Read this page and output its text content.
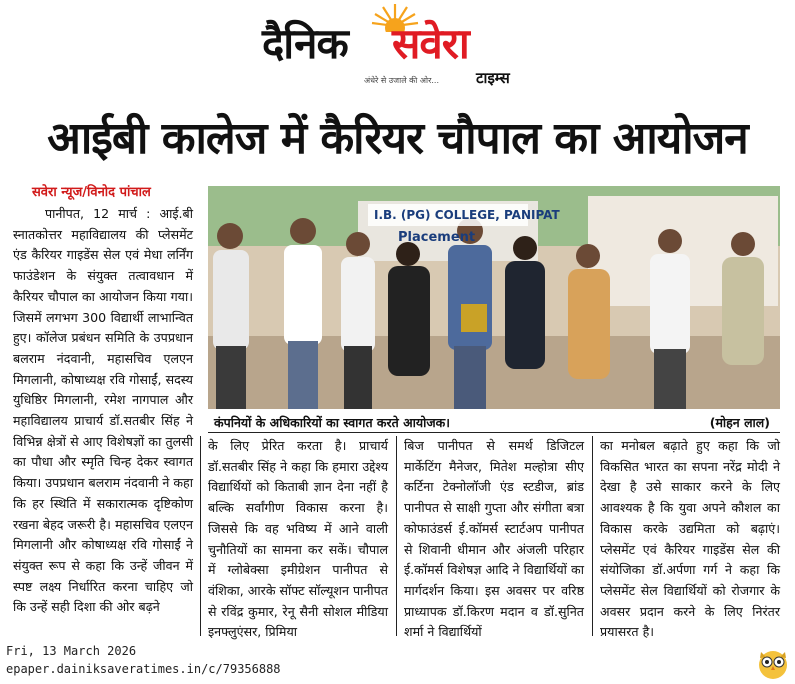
दैनिक सवेरा
अंधेरे से उजाले की ओर... टाइम्स
आईबी कालेज में कैरियर चौपाल का आयोजन
सवेरा न्यूज/विनोद पांचाल

पानीपत, 12 मार्च : आई.बी स्नातकोत्तर महाविद्यालय की प्लेसमेंट एंड कैरियर गाइडेंस सेल एवं मेधा लर्निंग फाउंडेशन के संयुक्त तत्वावधान में कैरियर चौपाल का आयोजन किया गया। जिसमें लगभग 300 विद्यार्थी लाभान्वित हुए। कॉलेज प्रबंधन समिति के उपप्रधान बलराम नंदवानी, महासचिव एलएन मिगलानी, कोषाध्यक्ष रवि गोसाईं, सदस्य युधिष्ठिर मिगलानी, रमेश नागपाल और महाविद्यालय प्राचार्य डॉ.सतबीर सिंह ने विभिन्न क्षेत्रों से आए विशेषज्ञों का तुलसी का पौधा और स्मृति चिन्ह देकर स्वागत किया। उपप्रधान बलराम नंदवानी ने कहा कि हर स्थिति में सकारात्मक दृष्टिकोण रखना बेहद जरूरी है। महासचिव एलएन मिगलानी और कोषाध्यक्ष रवि गोसाईं ने संयुक्त रूप से कहा कि उन्हें जीवन में स्पष्ट लक्ष्य निर्धारित करना चाहिए जो कि उन्हें सही दिशा की ओर बढ़ने

I.B. (PG) COLLEGE, PANIPAT
Placement
कंपनियों के अधिकारियों का स्वागत करते आयोजक।	(मोहन लाल)
के लिए प्रेरित करता है। प्राचार्य डॉ.सतबीर सिंह ने कहा कि हमारा उद्देश्य विद्यार्थियों को किताबी ज्ञान देना नहीं है बल्कि सर्वांगीण विकास करना है। जिससे कि वह भविष्य में आने वाली चुनौतियों का सामना कर सकें। चौपाल में ग्लोबेक्सा इमीग्रेशन पानीपत से वंशिका, आरके सॉफ्ट सॉल्यूशन पानीपत से रविंद्र कुमार, रेनू सैनी सोशल मीडिया इनफ्लुएंसर, प्रिमिया
बिज पानीपत से समर्थ डिजिटल मार्केटिंग मैनेजर, मितेश मल्होत्रा सीए कर्टिना टेक्नोलॉजी एंड स्टडीज, ब्रांड पानीपत से साक्षी गुप्ता और संगीता बत्रा कोफाउंडर्स ई.कॉमर्स स्टार्टअप पानीपत से शिवानी धीमान और अंजली परिहार ई.कॉमर्स विशेषज्ञ आदि ने विद्यार्थियों का मार्गदर्शन किया। इस अवसर पर वरिष्ठ प्राध्यापक डॉ.किरण मदान व डॉ.सुनित शर्मा ने विद्यार्थियों
का मनोबल बढ़ाते हुए कहा कि जो विकसित भारत का सपना नरेंद्र मोदी ने देखा है उसे साकार करने के लिए आवश्यक है कि युवा अपने कौशल का विकास करके उद्यमिता को बढ़ाएं। प्लेसमेंट एवं कैरियर गाइडेंस सेल की संयोजिका डॉ.अर्पणा गर्ग ने कहा कि प्लेसमेंट सेल विद्यार्थियों को रोजगार के अवसर प्रदान करने के लिए निरंतर प्रयासरत है।
Fri, 13 March 2026
epaper.dainiksaveratimes.in/c/79356888
